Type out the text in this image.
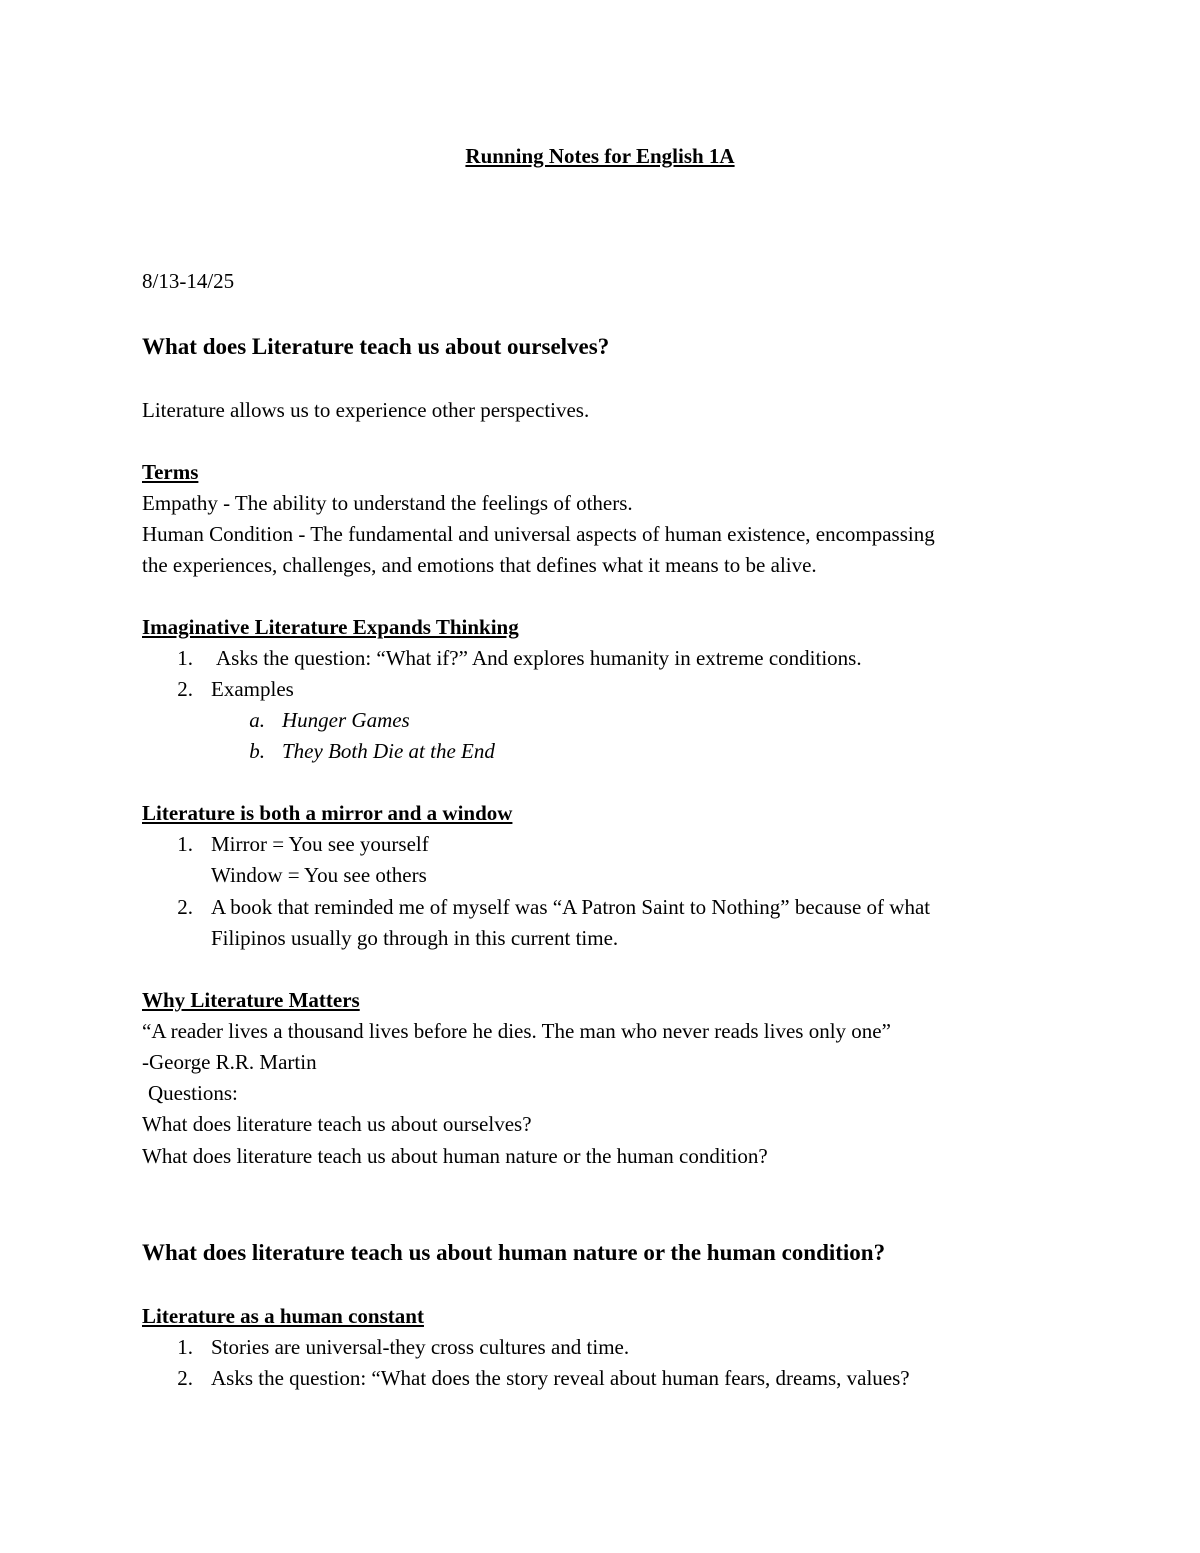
Running Notes for English 1A
8/13-14/25
What does Literature teach us about ourselves?
Literature allows us to experience other perspectives.
Terms
Empathy - The ability to understand the feelings of others.
Human Condition - The fundamental and universal aspects of human existence, encompassing
the experiences, challenges, and emotions that defines what it means to be alive.
Imaginative Literature Expands Thinking
1. Asks the question: “What if?” And explores humanity in extreme conditions.
2. Examples
a. Hunger Games
b. They Both Die at the End
Literature is both a mirror and a window
1. Mirror = You see yourself
Window = You see others
2. A book that reminded me of myself was “A Patron Saint to Nothing” because of what
Filipinos usually go through in this current time.
Why Literature Matters
“A reader lives a thousand lives before he dies. The man who never reads lives only one”
-George R.R. Martin
Questions:
What does literature teach us about ourselves?
What does literature teach us about human nature or the human condition?
What does literature teach us about human nature or the human condition?
Literature as a human constant
1. Stories are universal-they cross cultures and time.
2. Asks the question: “What does the story reveal about human fears, dreams, values?
